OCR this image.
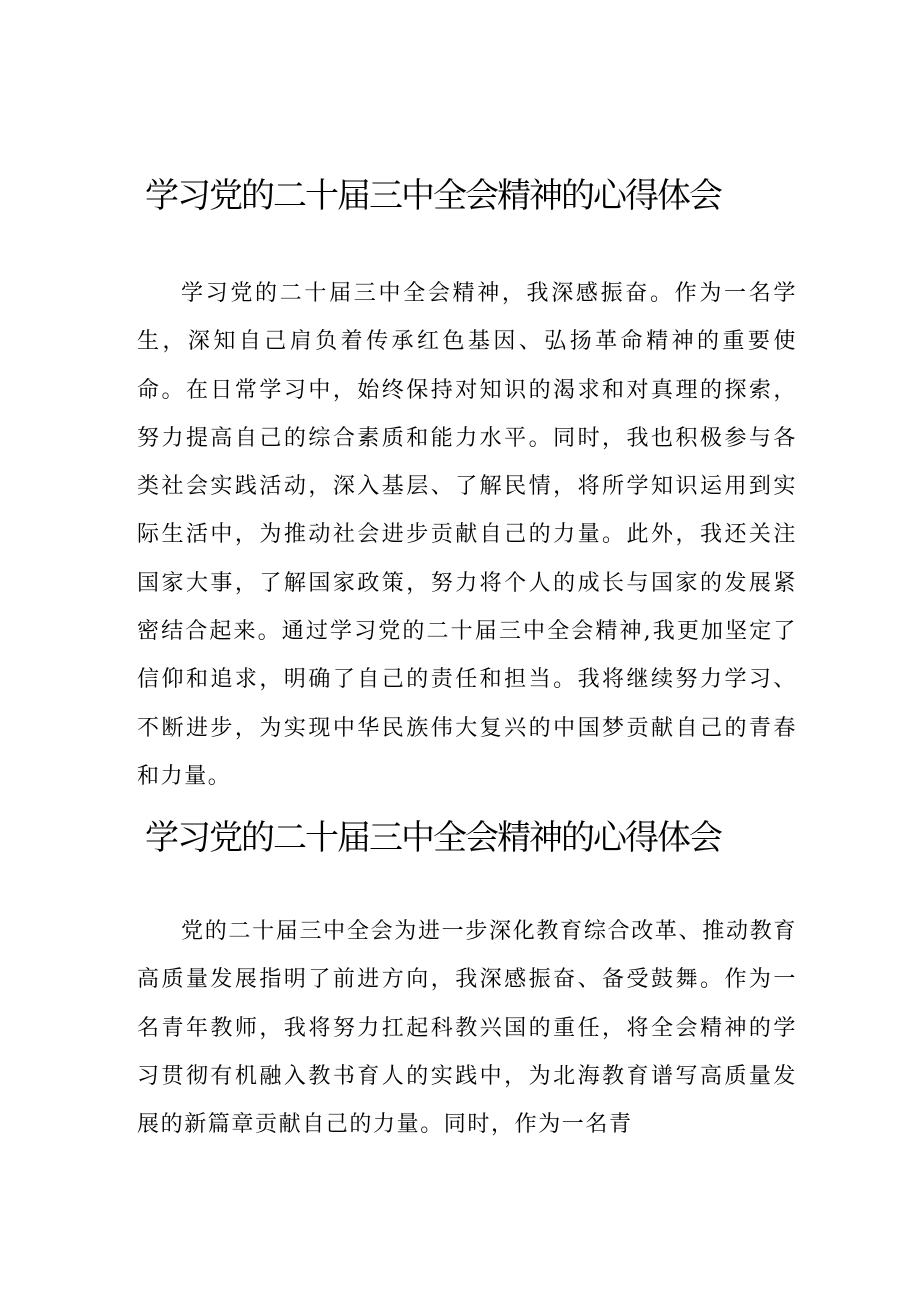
学习党的二十届三中全会精神的心得体会

学习党的二十届三中全会精神，我深感振奋。作为一名学生，深知自己肩负着传承红色基因、弘扬革命精神的重要使命。在日常学习中，始终保持对知识的渴求和对真理的探索，努力提高自己的综合素质和能力水平。同时，我也积极参与各类社会实践活动，深入基层、了解民情，将所学知识运用到实际生活中，为推动社会进步贡献自己的力量。此外，我还关注国家大事，了解国家政策，努力将个人的成长与国家的发展紧密结合起来。通过学习党的二十届三中全会精神,我更加坚定了信仰和追求，明确了自己的责任和担当。我将继续努力学习、不断进步，为实现中华民族伟大复兴的中国梦贡献自己的青春和力量。

学习党的二十届三中全会精神的心得体会

党的二十届三中全会为进一步深化教育综合改革、推动教育高质量发展指明了前进方向，我深感振奋、备受鼓舞。作为一名青年教师，我将努力扛起科教兴国的重任，将全会精神的学习贯彻有机融入教书育人的实践中，为北海教育谱写高质量发展的新篇章贡献自己的力量。同时，作为一名青
